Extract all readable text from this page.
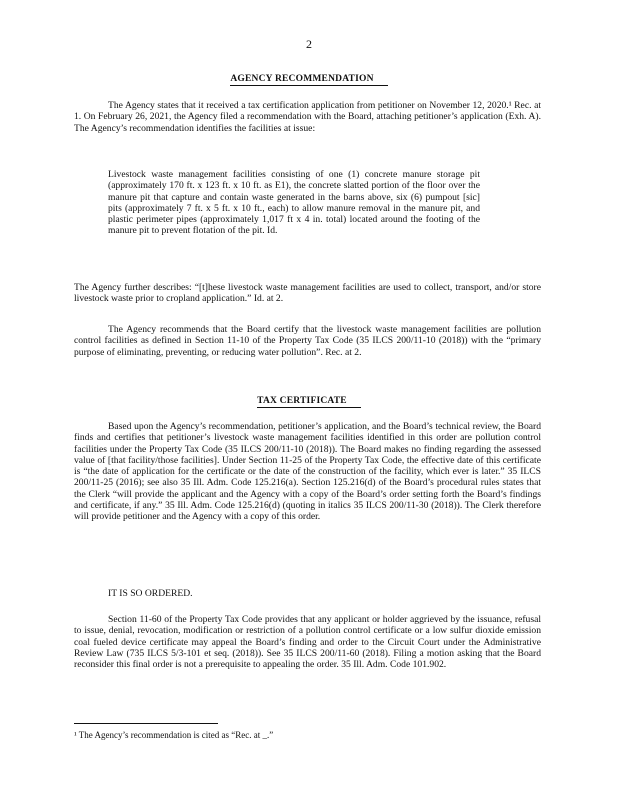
2
AGENCY RECOMMENDATION

The Agency states that it received a tax certification application from petitioner on November 12, 2020.¹ Rec. at 1. On February 26, 2021, the Agency filed a recommendation with the Board, attaching petitioner’s application (Exh. A). The Agency’s recommendation identifies the facilities at issue:

Livestock waste management facilities consisting of one (1) concrete manure storage pit (approximately 170 ft. x 123 ft. x 10 ft. as E1), the concrete slatted portion of the floor over the manure pit that capture and contain waste generated in the barns above, six (6) pumpout [sic] pits (approximately 7 ft. x 5 ft. x 10 ft., each) to allow manure removal in the manure pit, and plastic perimeter pipes (approximately 1,017 ft x 4 in. total) located around the footing of the manure pit to prevent flotation of the pit. Id.

The Agency further describes: “[t]hese livestock waste management facilities are used to collect, transport, and/or store livestock waste prior to cropland application.” Id. at 2.

The Agency recommends that the Board certify that the livestock waste management facilities are pollution control facilities as defined in Section 11-10 of the Property Tax Code (35 ILCS 200/11-10 (2018)) with the “primary purpose of eliminating, preventing, or reducing water pollution”. Rec. at 2.

TAX CERTIFICATE

Based upon the Agency’s recommendation, petitioner’s application, and the Board’s technical review, the Board finds and certifies that petitioner’s livestock waste management facilities identified in this order are pollution control facilities under the Property Tax Code (35 ILCS 200/11-10 (2018)). The Board makes no finding regarding the assessed value of [that facility/those facilities]. Under Section 11-25 of the Property Tax Code, the effective date of this certificate is “the date of application for the certificate or the date of the construction of the facility, which ever is later.” 35 ILCS 200/11-25 (2016); see also 35 Ill. Adm. Code 125.216(a). Section 125.216(d) of the Board’s procedural rules states that the Clerk “will provide the applicant and the Agency with a copy of the Board’s order setting forth the Board’s findings and certificate, if any.” 35 Ill. Adm. Code 125.216(d) (quoting in italics 35 ILCS 200/11-30 (2018)). The Clerk therefore will provide petitioner and the Agency with a copy of this order.

IT IS SO ORDERED.

Section 11-60 of the Property Tax Code provides that any applicant or holder aggrieved by the issuance, refusal to issue, denial, revocation, modification or restriction of a pollution control certificate or a low sulfur dioxide emission coal fueled device certificate may appeal the Board’s finding and order to the Circuit Court under the Administrative Review Law (735 ILCS 5/3-101 et seq. (2018)). See 35 ILCS 200/11-60 (2018). Filing a motion asking that the Board reconsider this final order is not a prerequisite to appealing the order. 35 Ill. Adm. Code 101.902.

¹ The Agency’s recommendation is cited as “Rec. at _.”
